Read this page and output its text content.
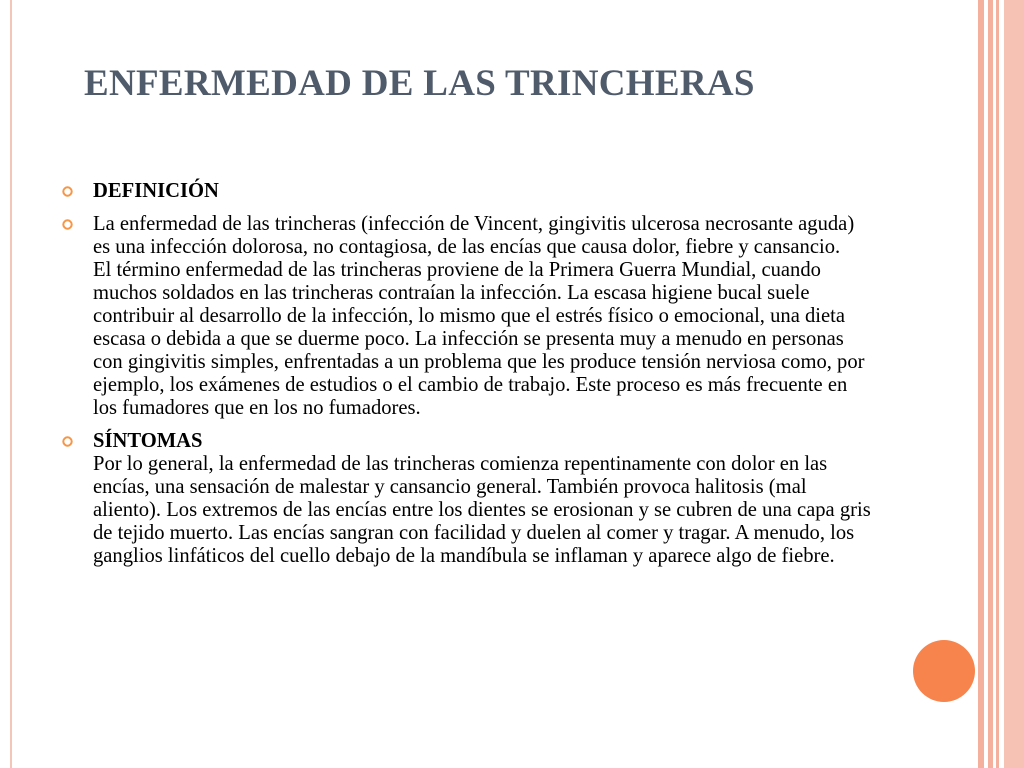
ENFERMEDAD DE LAS TRINCHERAS
DEFINICIÓN
La enfermedad de las trincheras (infección de Vincent, gingivitis ulcerosa necrosante aguda) es una infección dolorosa, no contagiosa, de las encías que causa dolor, fiebre y cansancio.
El término enfermedad de las trincheras proviene de la Primera Guerra Mundial, cuando muchos soldados en las trincheras contraían la infección. La escasa higiene bucal suele contribuir al desarrollo de la infección, lo mismo que el estrés físico o emocional, una dieta escasa o debida a que se duerme poco. La infección se presenta muy a menudo en personas con gingivitis simples, enfrentadas a un problema que les produce tensión nerviosa como, por ejemplo, los exámenes de estudios o el cambio de trabajo. Este proceso es más frecuente en los fumadores que en los no fumadores.
SÍNTOMAS
Por lo general, la enfermedad de las trincheras comienza repentinamente con dolor en las encías, una sensación de malestar y cansancio general. También provoca halitosis (mal aliento). Los extremos de las encías entre los dientes se erosionan y se cubren de una capa gris de tejido muerto. Las encías sangran con facilidad y duelen al comer y tragar. A menudo, los ganglios linfáticos del cuello debajo de la mandíbula se inflaman y aparece algo de fiebre.
